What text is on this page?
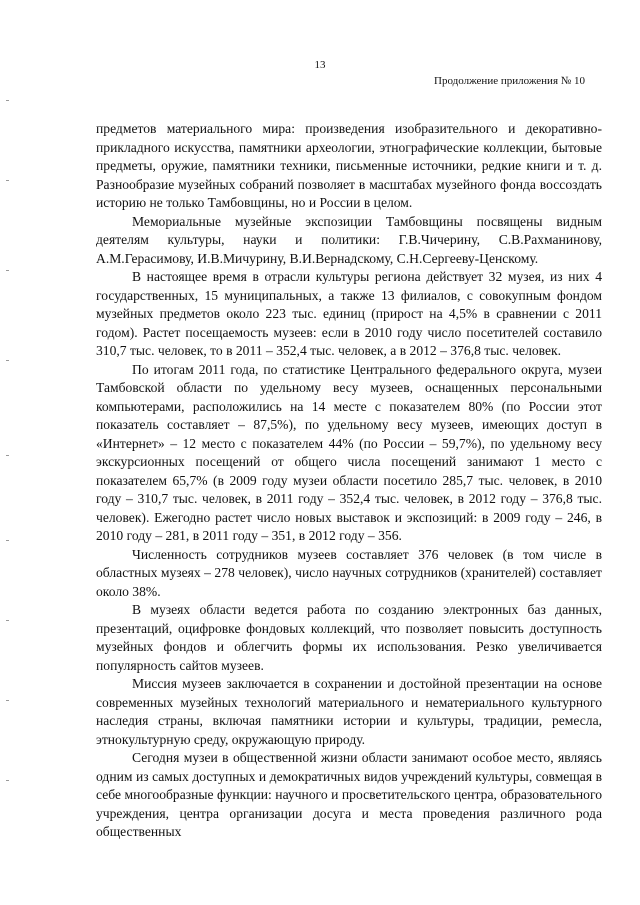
13
Продолжение приложения № 10

предметов материального мира: произведения изобразительного и декоративно-прикладного искусства, памятники археологии, этнографические коллекции, бытовые предметы, оружие, памятники техники, письменные источники, редкие книги и т. д. Разнообразие музейных собраний позволяет в масштабах музейного фонда воссоздать историю не только Тамбовщины, но и России в целом.

Мемориальные музейные экспозиции Тамбовщины посвящены видным деятелям культуры, науки и политики: Г.В.Чичерину, С.В.Рахманинову, А.М.Герасимову, И.В.Мичурину, В.И.Вернадскому, С.Н.Сергееву-Ценскому.

В настоящее время в отрасли культуры региона действует 32 музея, из них 4 государственных, 15 муниципальных, а также 13 филиалов, с совокупным фондом музейных предметов около 223 тыс. единиц (прирост на 4,5% в сравнении с 2011 годом). Растет посещаемость музеев: если в 2010 году число посетителей составило 310,7 тыс. человек, то в 2011 – 352,4 тыс. человек, а в 2012 – 376,8 тыс. человек.

По итогам 2011 года, по статистике Центрального федерального округа, музеи Тамбовской области по удельному весу музеев, оснащенных персональными компьютерами, расположились на 14 месте с показателем 80% (по России этот показатель составляет – 87,5%), по удельному весу музеев, имеющих доступ в «Интернет» – 12 место с показателем 44% (по России – 59,7%), по удельному весу экскурсионных посещений от общего числа посещений занимают 1 место с показателем 65,7% (в 2009 году музеи области посетило 285,7 тыс. человек, в 2010 году – 310,7 тыс. человек, в 2011 году – 352,4 тыс. человек, в 2012 году – 376,8 тыс. человек). Ежегодно растет число новых выставок и экспозиций: в 2009 году – 246, в 2010 году – 281, в 2011 году – 351, в 2012 году – 356.

Численность сотрудников музеев составляет 376 человек (в том числе в областных музеях – 278 человек), число научных сотрудников (хранителей) составляет около 38%.

В музеях области ведется работа по созданию электронных баз данных, презентаций, оцифровке фондовых коллекций, что позволяет повысить доступность музейных фондов и облегчить формы их использования. Резко увеличивается популярность сайтов музеев.

Миссия музеев заключается в сохранении и достойной презентации на основе современных музейных технологий материального и нематериального культурного наследия страны, включая памятники истории и культуры, традиции, ремесла, этнокультурную среду, окружающую природу.

Сегодня музеи в общественной жизни области занимают особое место, являясь одним из самых доступных и демократичных видов учреждений культуры, совмещая в себе многообразные функции: научного и просветительского центра, образовательного учреждения, центра организации досуга и места проведения различного рода общественных
